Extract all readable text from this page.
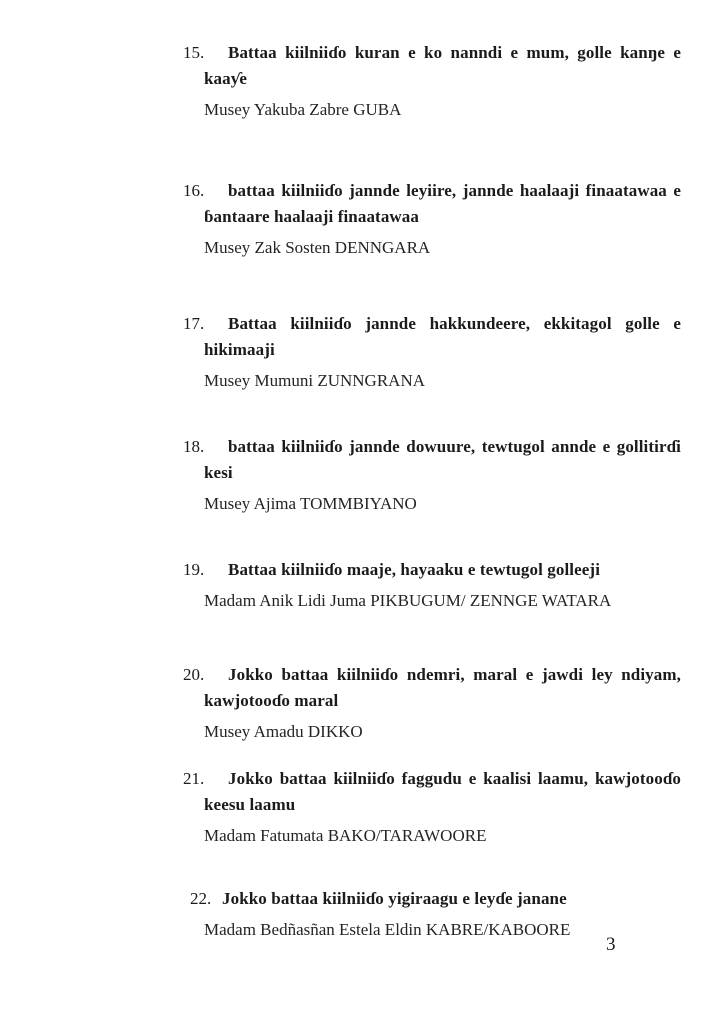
15. Battaa kiilniiɗo kuran e ko nanndi e mum, golle kanŋe e kaaƴe

Musey Yakuba Zabre GUBA

16. battaa kiilniiɗo jannde leyiire, jannde haalaaji finaatawaa e ɓantaare haalaaji finaatawaa

Musey Zak Sosten DENNGARA

17. Battaa kiilniiɗo jannde hakkundeere, ekkitagol golle e hikimaaji

Musey Mumuni ZUNNGRANA

18. battaa kiilniiɗo jannde dowuure, tewtugol annde e gollitirɗi kesi

Musey Ajima TOMMBIYANO

19. Battaa kiilniiɗo maaje, hayaaku e tewtugol golleeji

Madam Anik Lidi Juma PIKBUGUM/ ZENNGE WATARA

20. Jokko battaa kiilniiɗo ndemri, maral e jawdi ley ndiyam, kawjotooɗo maral

Musey Amadu DIKKO

21. Jokko battaa kiilniiɗo faggudu e kaalisi laamu, kawjotooɗo keesu laamu

Madam Fatumata BAKO/TARAWOORE

22. Jokko battaa kiilniiɗo yigiraagu e leyɗe janane

Madam Bedñasñan Estela Eldin KABRE/KABOORE

3
